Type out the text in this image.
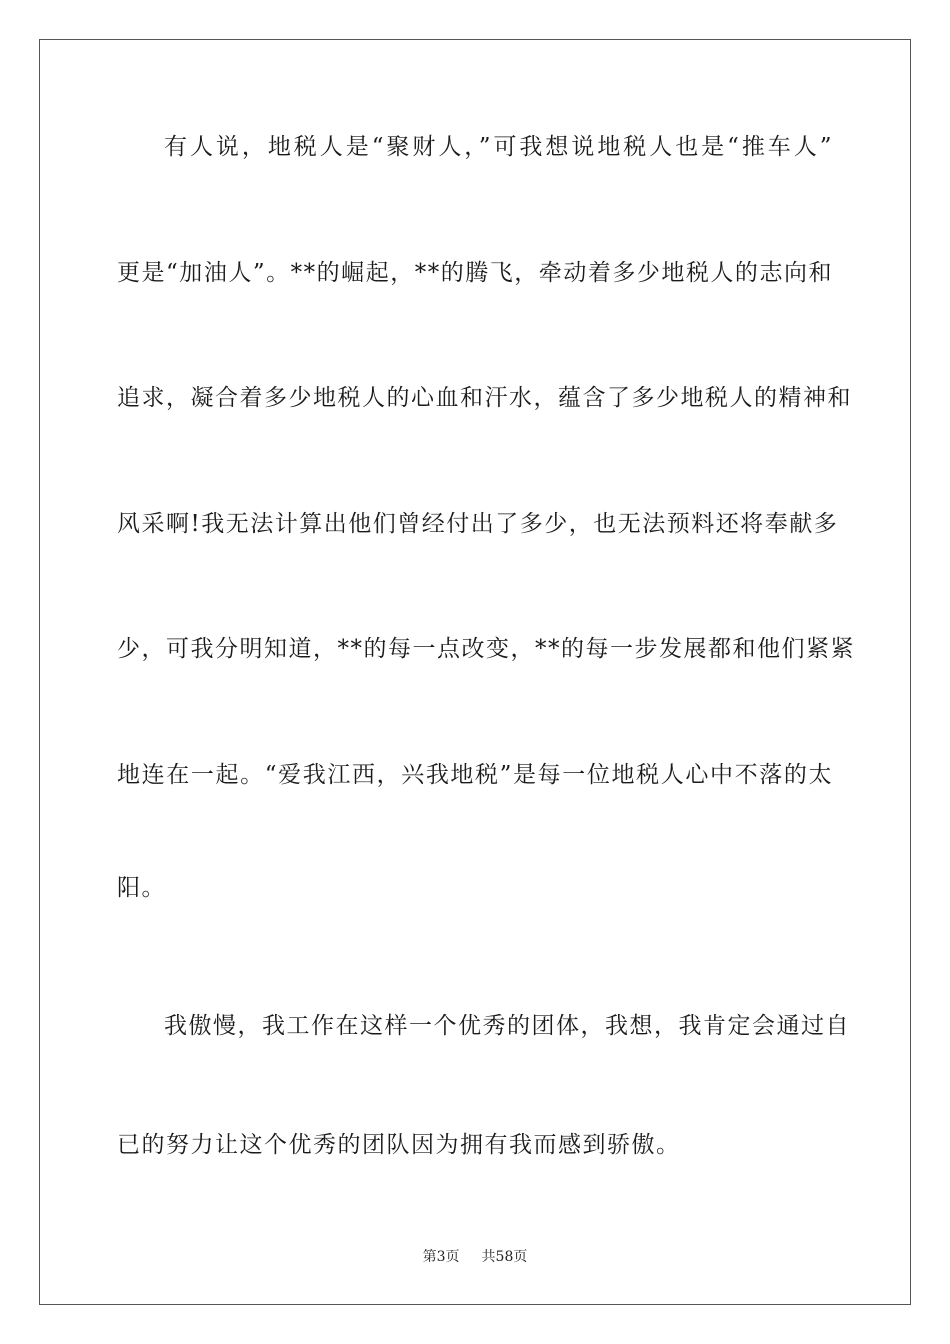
有人说，地税人是“聚财人，”可我想说地税人也是“推车人”
更是“加油人”。**的崛起，**的腾飞，牵动着多少地税人的志向和
追求，凝合着多少地税人的心血和汗水，蕴含了多少地税人的精神和
风采啊!我无法计算出他们曾经付出了多少，也无法预料还将奉献多
少，可我分明知道，**的每一点改变，**的每一步发展都和他们紧紧
地连在一起。“爱我江西，兴我地税”是每一位地税人心中不落的太
阳。
我傲慢，我工作在这样一个优秀的团体，我想，我肯定会通过自
已的努力让这个优秀的团队因为拥有我而感到骄傲。
第3页 共58页
